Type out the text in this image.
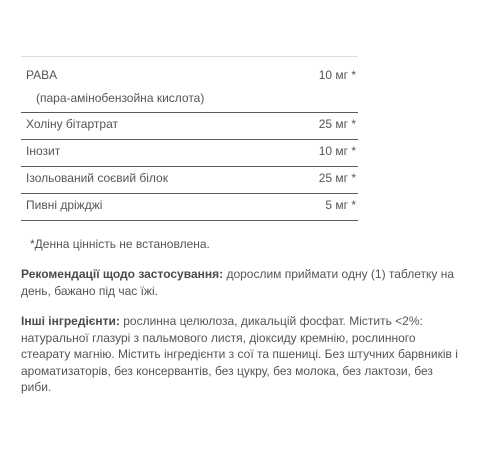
PABA	10 мг *
(пара-амінобензойна кислота)
Холіну бітартрат	25 мг *
Інозит	10 мг *
Ізольований соєвий білок	25 мг *
Пивні дріжджі	5 мг *
*Денна цінність не встановлена.
Рекомендації щодо застосування: дорослим приймати одну (1) таблетку на день, бажано під час їжі.
Інші інгредієнти: рослинна целюлоза, дикальцій фосфат. Містить <2%: натуральної глазурі з пальмового листя, діоксиду кремнію, рослинного стеарату магнію. Містить інгредієнти з сої та пшениці. Без штучних барвників і ароматизаторів, без консервантів, без цукру, без молока, без лактози, без риби.
